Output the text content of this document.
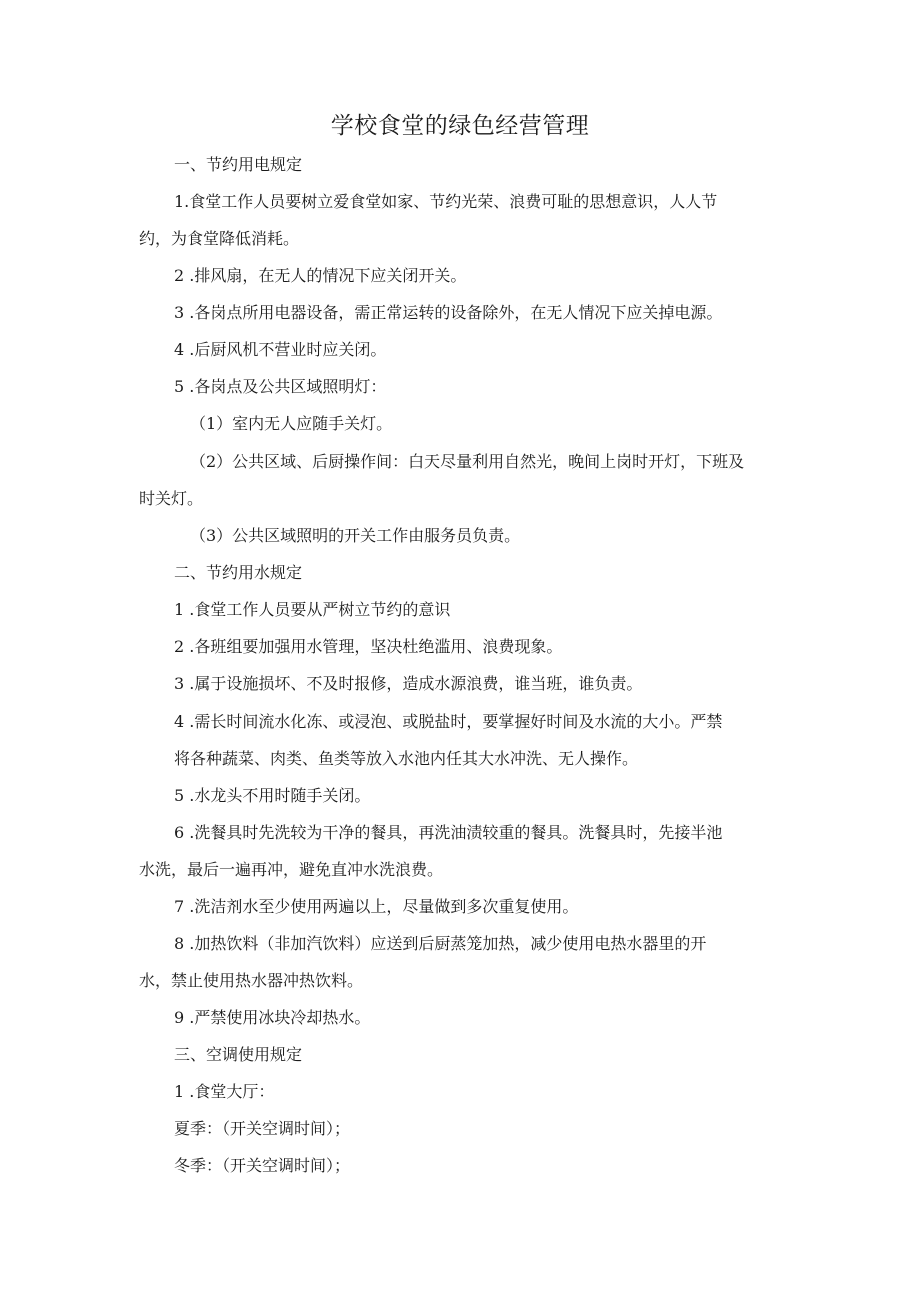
学校食堂的绿色经营管理
一、节约用电规定
1.食堂工作人员要树立爱食堂如家、节约光荣、浪费可耻的思想意识，人人节
约，为食堂降低消耗。
2 .排风扇，在无人的情况下应关闭开关。
3 .各岗点所用电器设备，需正常运转的设备除外，在无人情况下应关掉电源。
4 .后厨风机不营业时应关闭。
5 .各岗点及公共区域照明灯：
（1）室内无人应随手关灯。
（2）公共区域、后厨操作间：白天尽量利用自然光，晚间上岗时开灯，下班及
时关灯。
（3）公共区域照明的开关工作由服务员负责。
二、节约用水规定
1 .食堂工作人员要从严树立节约的意识
2 .各班组要加强用水管理，坚决杜绝滥用、浪费现象。
3 .属于设施损坏、不及时报修，造成水源浪费，谁当班，谁负责。
4 .需长时间流水化冻、或浸泡、或脱盐时，要掌握好时间及水流的大小。严禁
将各种蔬菜、肉类、鱼类等放入水池内任其大水冲洗、无人操作。
5 .水龙头不用时随手关闭。
6 .洗餐具时先洗较为干净的餐具，再洗油渍较重的餐具。洗餐具时，先接半池
水洗，最后一遍再冲，避免直冲水洗浪费。
7 .洗洁剂水至少使用两遍以上，尽量做到多次重复使用。
8 .加热饮料（非加汽饮料）应送到后厨蒸笼加热，减少使用电热水器里的开
水，禁止使用热水器冲热饮料。
9 .严禁使用冰块冷却热水。
三、空调使用规定
1 .食堂大厅：
夏季：（开关空调时间）；
冬季：（开关空调时间）；
